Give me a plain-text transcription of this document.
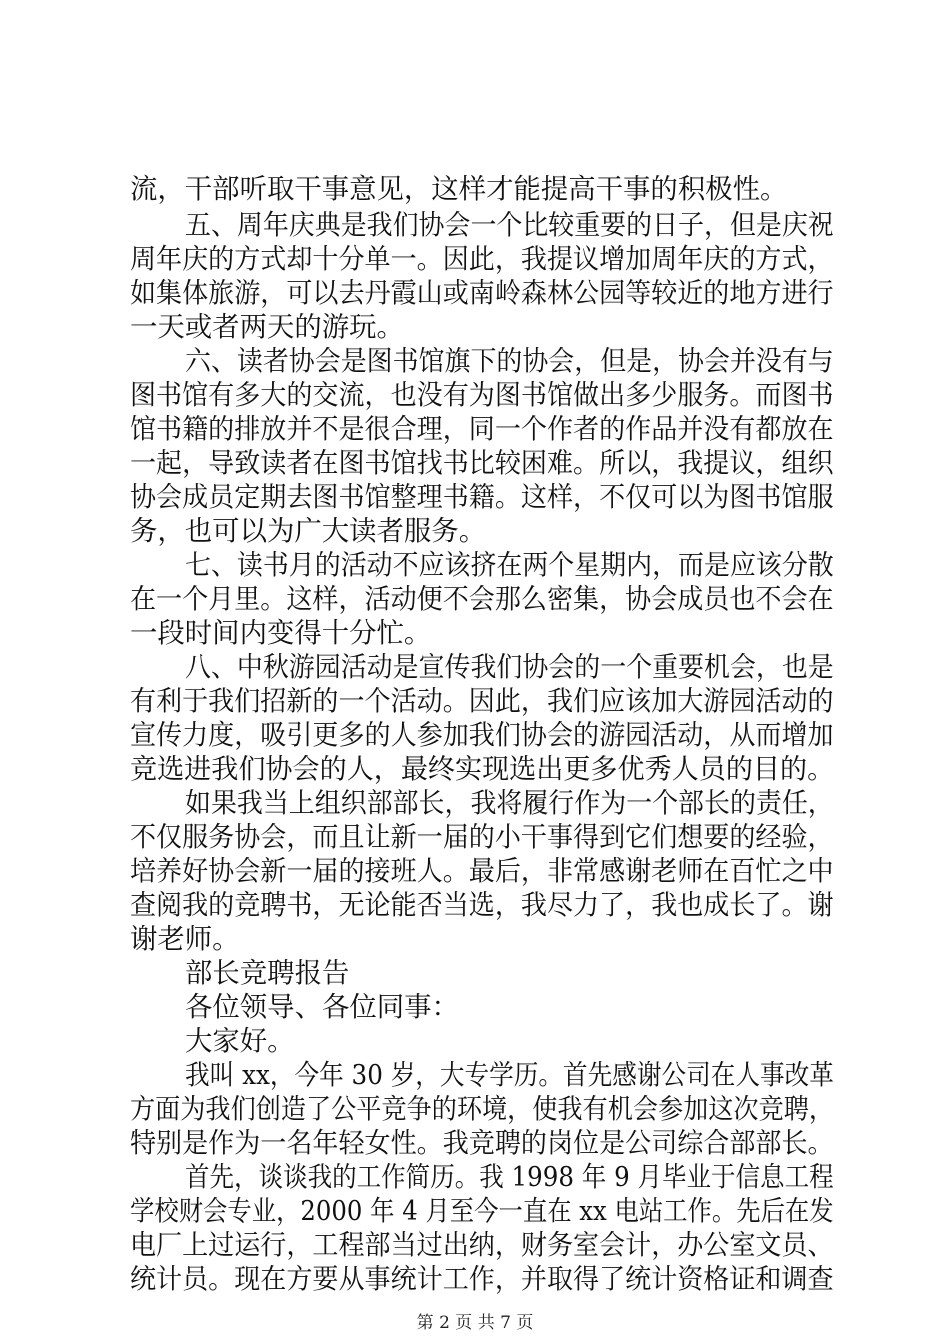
流，干部听取干事意见，这样才能提高干事的积极性。
五、周年庆典是我们协会一个比较重要的日子，但是庆祝
周年庆的方式却十分单一。因此，我提议增加周年庆的方式，
如集体旅游，可以去丹霞山或南岭森林公园等较近的地方进行
一天或者两天的游玩。
六、读者协会是图书馆旗下的协会，但是，协会并没有与
图书馆有多大的交流，也没有为图书馆做出多少服务。而图书
馆书籍的排放并不是很合理，同一个作者的作品并没有都放在
一起，导致读者在图书馆找书比较困难。所以，我提议，组织
协会成员定期去图书馆整理书籍。这样，不仅可以为图书馆服
务，也可以为广大读者服务。
七、读书月的活动不应该挤在两个星期内，而是应该分散
在一个月里。这样，活动便不会那么密集，协会成员也不会在
一段时间内变得十分忙。
八、中秋游园活动是宣传我们协会的一个重要机会，也是
有利于我们招新的一个活动。因此，我们应该加大游园活动的
宣传力度，吸引更多的人参加我们协会的游园活动，从而增加
竞选进我们协会的人，最终实现选出更多优秀人员的目的。
如果我当上组织部部长，我将履行作为一个部长的责任，
不仅服务协会，而且让新一届的小干事得到它们想要的经验，
培养好协会新一届的接班人。最后，非常感谢老师在百忙之中
查阅我的竞聘书，无论能否当选，我尽力了，我也成长了。谢
谢老师。
部长竞聘报告
各位领导、各位同事：
大家好。
我叫 xx，今年 30 岁，大专学历。首先感谢公司在人事改革
方面为我们创造了公平竞争的环境，使我有机会参加这次竞聘，
特别是作为一名年轻女性。我竞聘的岗位是公司综合部部长。
首先，谈谈我的工作简历。我 1998 年 9 月毕业于信息工程
学校财会专业，2000 年 4 月至今一直在 xx 电站工作。先后在发
电厂上过运行，工程部当过出纳，财务室会计，办公室文员、
统计员。现在方要从事统计工作，并取得了统计资格证和调查
第 2 页 共 7 页
